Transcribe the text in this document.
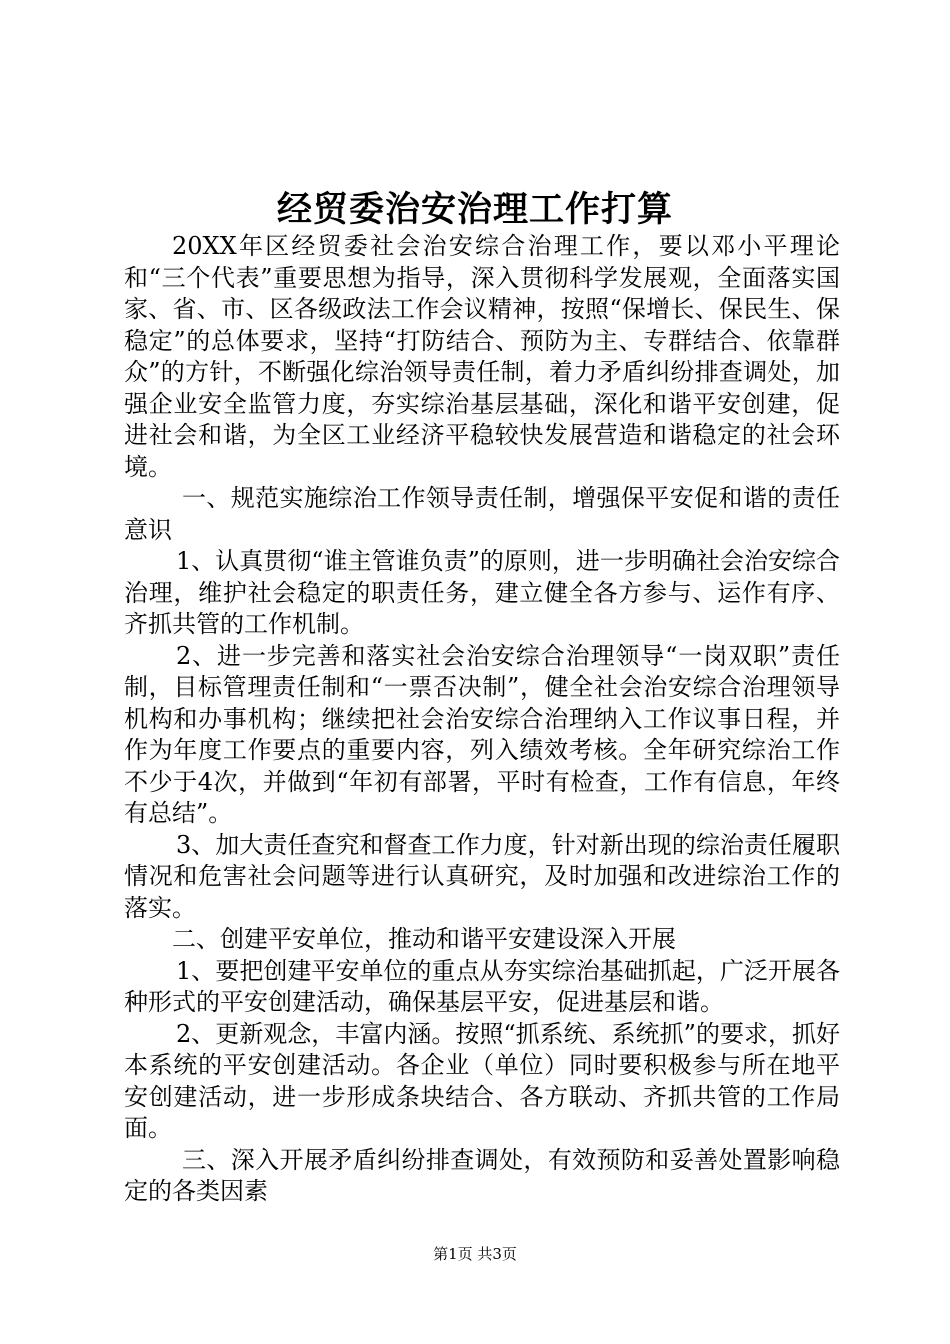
经贸委治安治理工作打算

20XX年区经贸委社会治安综合治理工作，要以邓小平理论和“三个代表”重要思想为指导，深入贯彻科学发展观，全面落实国家、省、市、区各级政法工作会议精神，按照“保增长、保民生、保稳定”的总体要求，坚持“打防结合、预防为主、专群结合、依靠群众”的方针，不断强化综治领导责任制，着力矛盾纠纷排查调处，加强企业安全监管力度，夯实综治基层基础，深化和谐平安创建，促进社会和谐，为全区工业经济平稳较快发展营造和谐稳定的社会环境。

一、规范实施综治工作领导责任制，增强保平安促和谐的责任意识

1、认真贯彻“谁主管谁负责”的原则，进一步明确社会治安综合治理，维护社会稳定的职责任务，建立健全各方参与、运作有序、齐抓共管的工作机制。

2、进一步完善和落实社会治安综合治理领导“一岗双职”责任制，目标管理责任制和“一票否决制”，健全社会治安综合治理领导机构和办事机构；继续把社会治安综合治理纳入工作议事日程，并作为年度工作要点的重要内容，列入绩效考核。全年研究综治工作不少于4次，并做到“年初有部署，平时有检查，工作有信息，年终有总结”。

3、加大责任查究和督查工作力度，针对新出现的综治责任履职情况和危害社会问题等进行认真研究，及时加强和改进综治工作的落实。

二、创建平安单位，推动和谐平安建设深入开展

1、要把创建平安单位的重点从夯实综治基础抓起，广泛开展各种形式的平安创建活动，确保基层平安，促进基层和谐。

2、更新观念，丰富内涵。按照“抓系统、系统抓”的要求，抓好本系统的平安创建活动。各企业（单位）同时要积极参与所在地平安创建活动，进一步形成条块结合、各方联动、齐抓共管的工作局面。

三、深入开展矛盾纠纷排查调处，有效预防和妥善处置影响稳定的各类因素

第1页 共3页
